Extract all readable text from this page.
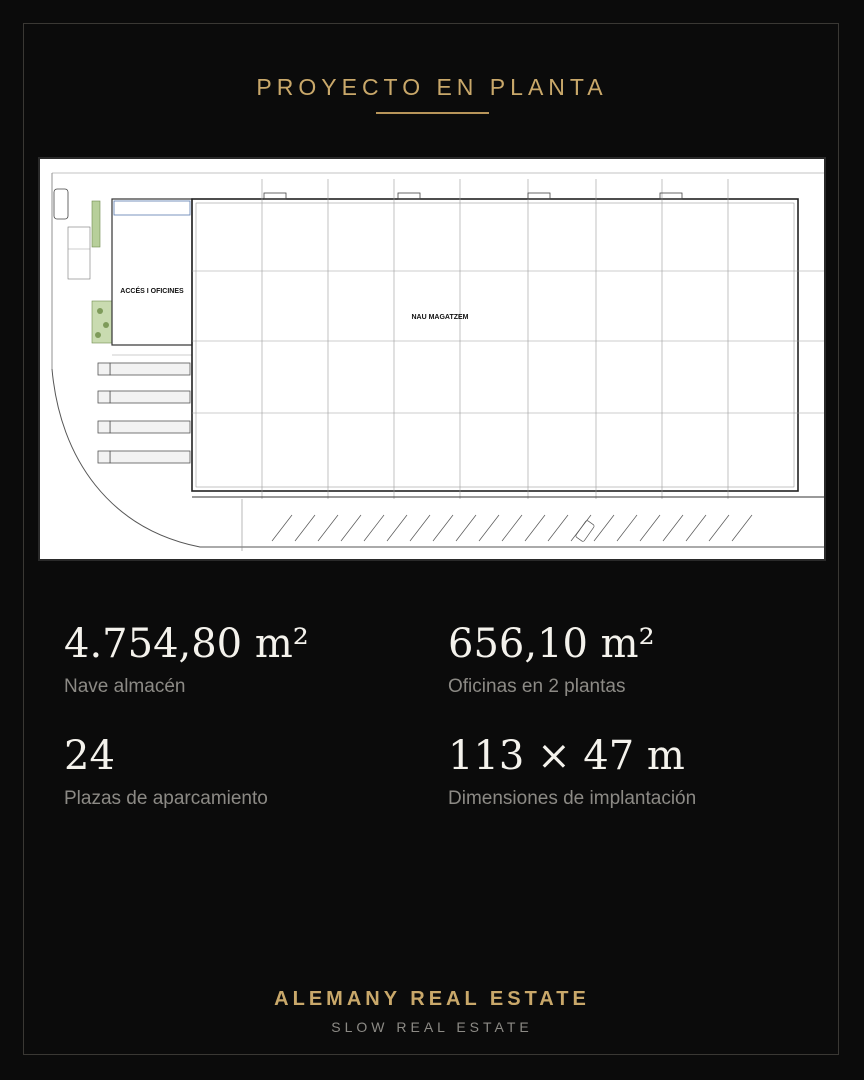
PROYECTO EN PLANTA
ACCÉS I OFICINES
NAU MAGATZEM
4.754,80 m²
Nave almacén
656,10 m²
Oficinas en 2 plantas
24
Plazas de aparcamiento
113 × 47 m
Dimensiones de implantación
ALEMANY REAL ESTATE
SLOW REAL ESTATE
